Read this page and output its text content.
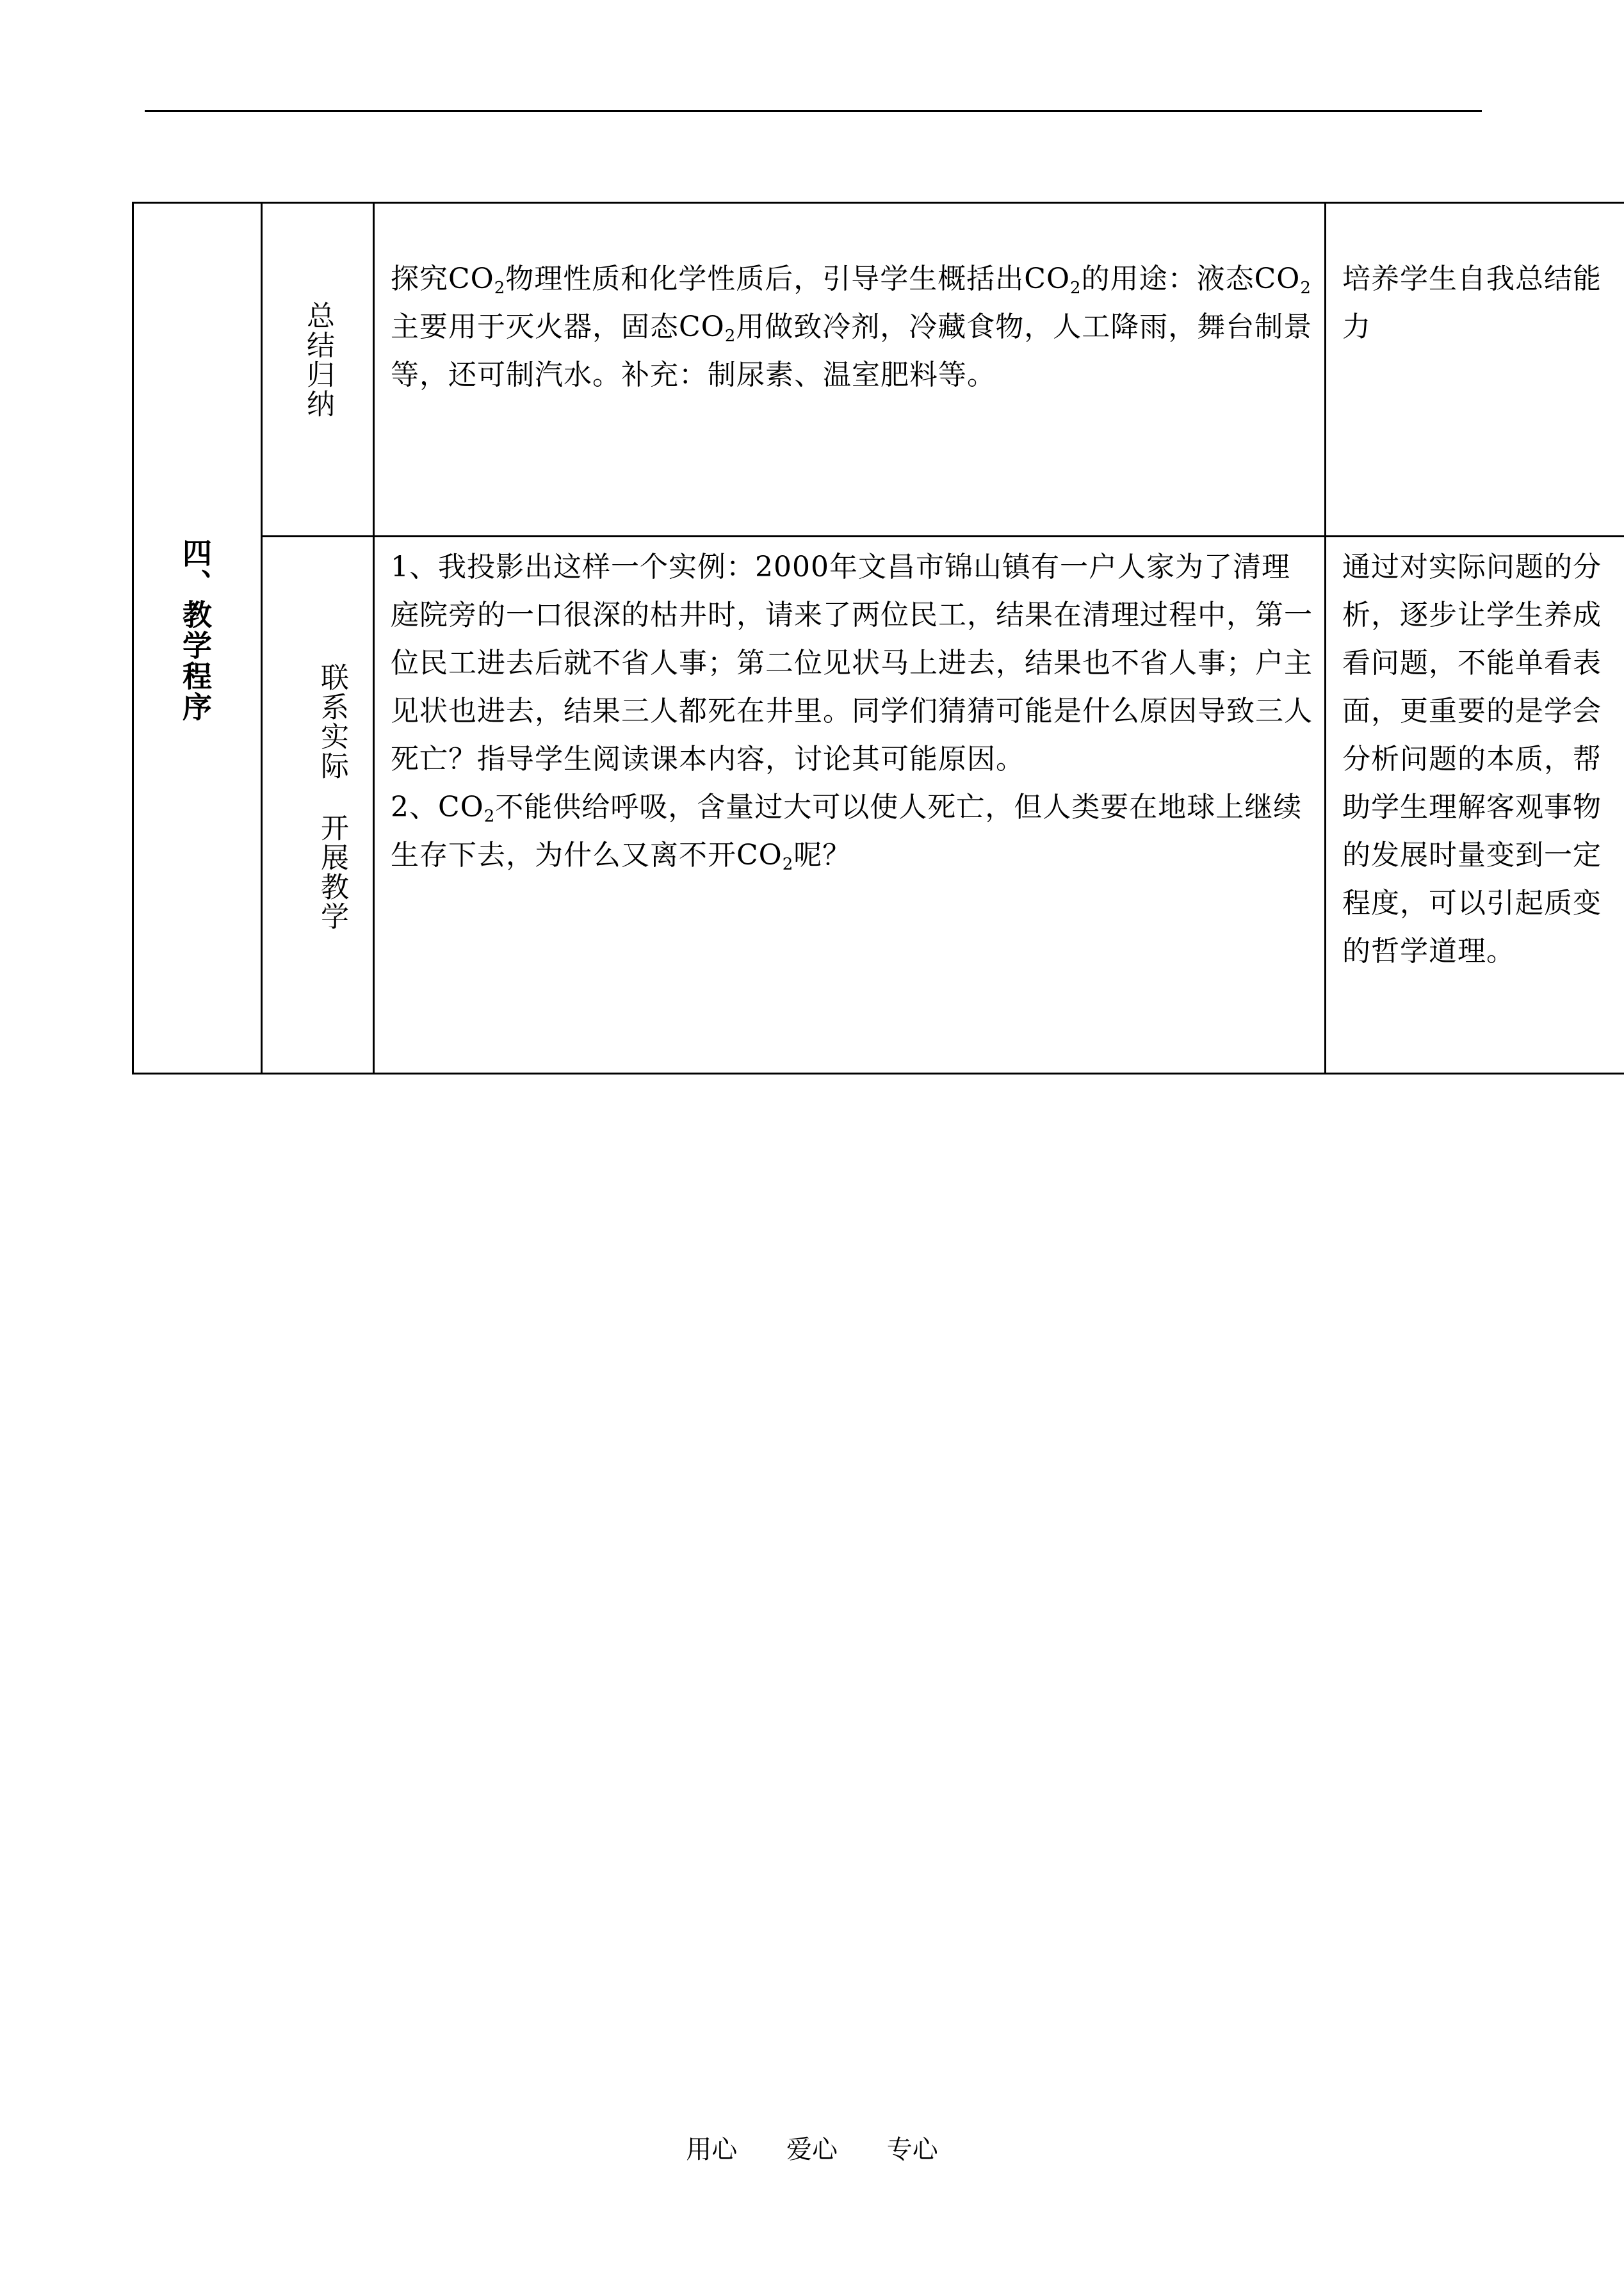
四、教学程序
总结归纳
探究$CO_2$物理性质和化学性质后，引导学生概括出$CO_2$的用途：液态$CO_2$主要用于灭火器，固态$CO_2$用做致冷剂，冷藏食物，人工降雨，舞台制景等，还可制汽水。补充：制尿素、温室肥料等。
培养学生自我总结能力
联系实际
开展教学
1、我投影出这样一个实例：2000年文昌市锦山镇有一户人家为了清理庭院旁的一口很深的枯井时，请来了两位民工，结果在清理过程中，第一位民工进去后就不省人事；第二位见状马上进去，结果也不省人事；户主见状也进去，结果三人都死在井里。同学们猜猜可能是什么原因导致三人死亡？指导学生阅读课本内容，讨论其可能原因。
2、$CO_2$不能供给呼吸，含量过大可以使人死亡，但人类要在地球上继续生存下去，为什么又离不开$CO_2$呢？
通过对实际问题的分析，逐步让学生养成看问题，不能单看表面，更重要的是学会分析问题的本质，帮助学生理解客观事物的发展时量变到一定程度，可以引起质变的哲学道理。
用心 爱心 专心
